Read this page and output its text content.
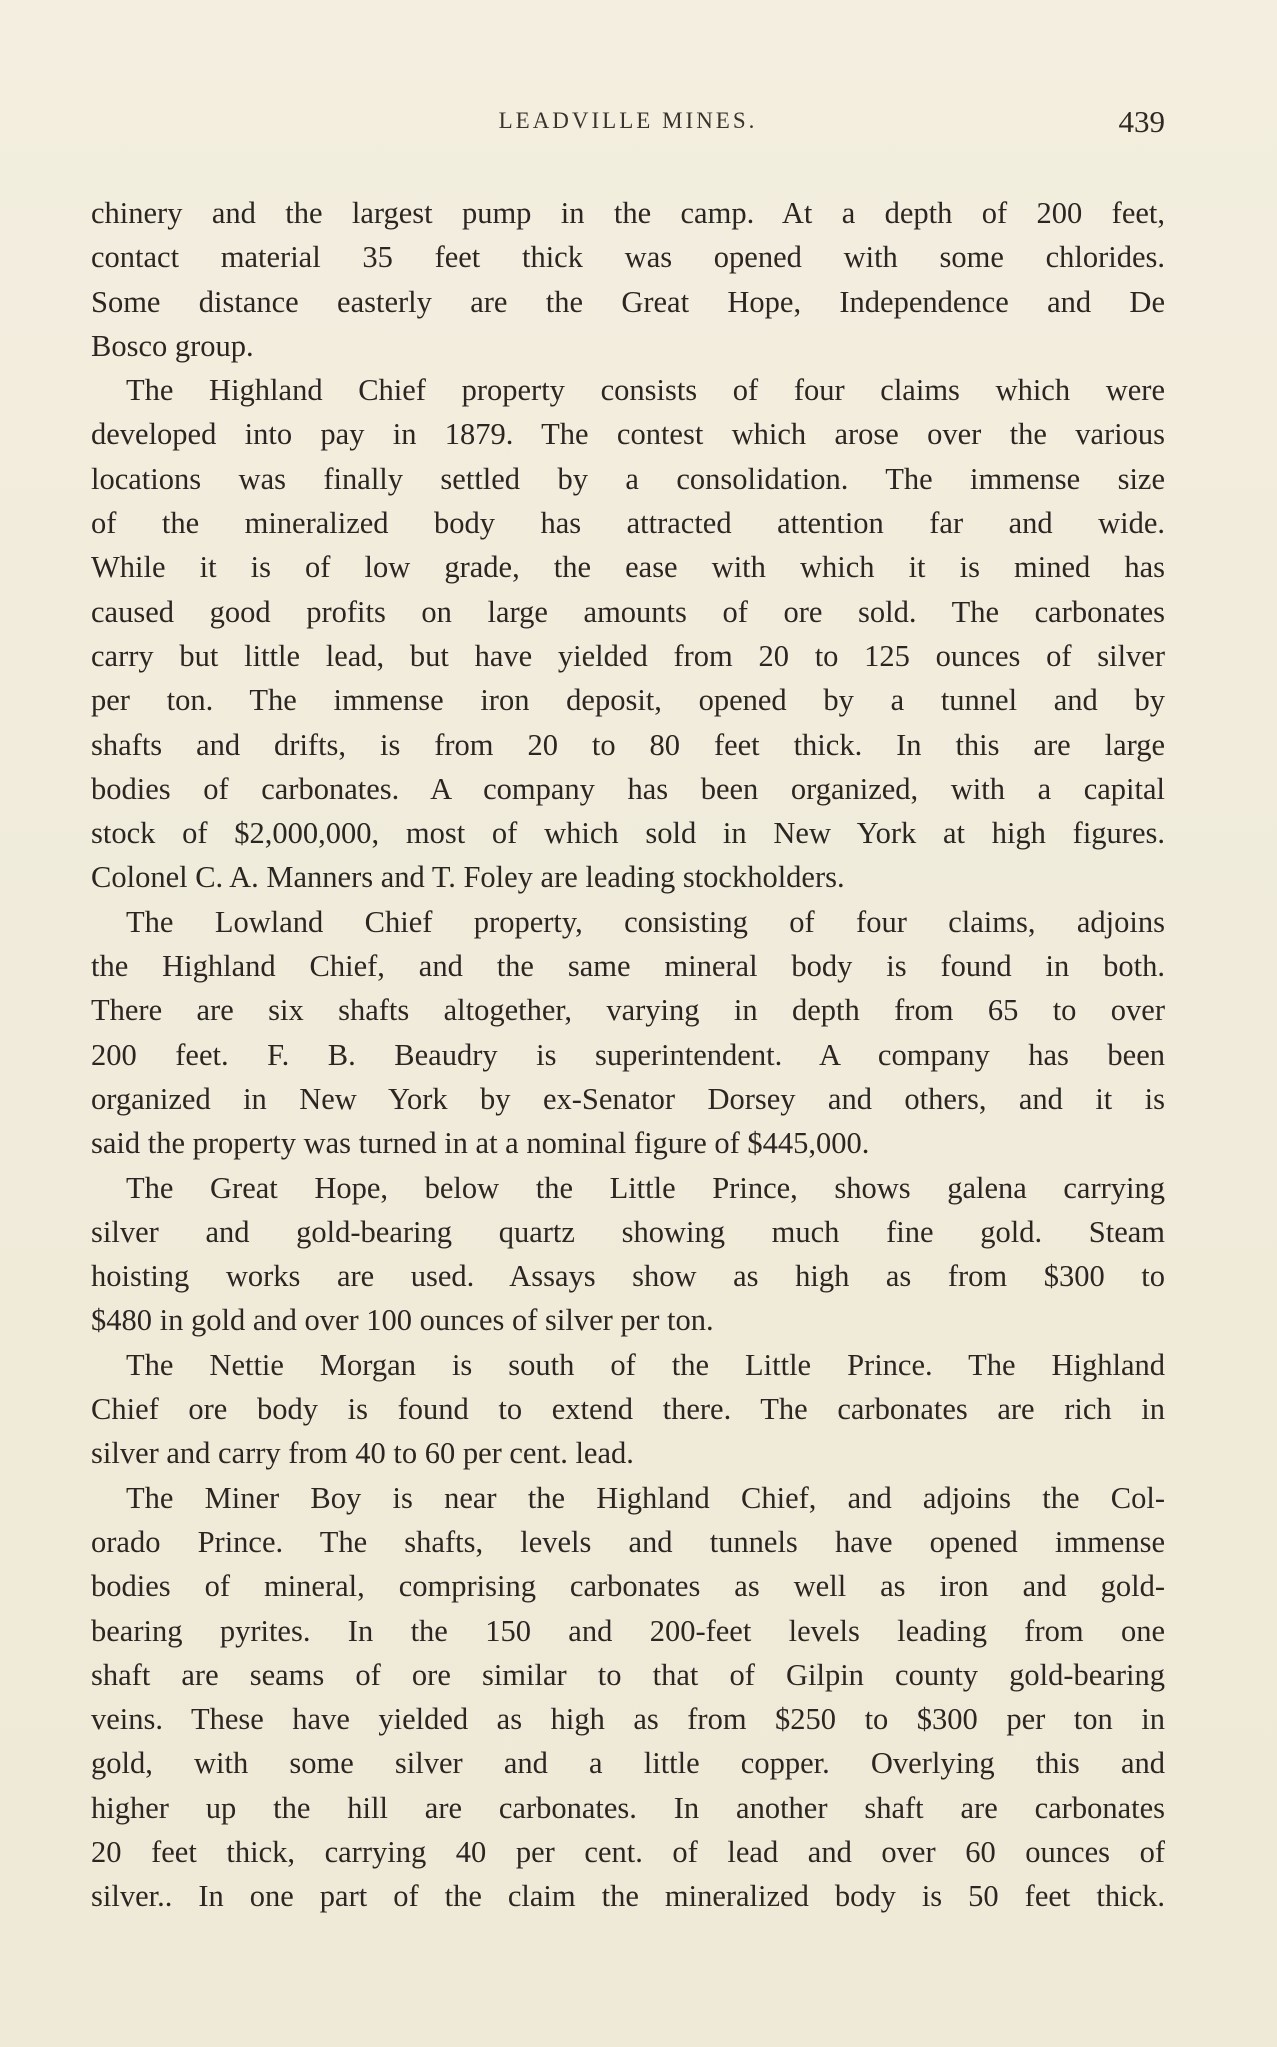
LEADVILLE MINES.	439
chinery and the largest pump in the camp. At a depth of 200 feet,
contact material 35 feet thick was opened with some chlorides.
Some distance easterly are the Great Hope, Independence and De
Bosco group.
The Highland Chief property consists of four claims which were
developed into pay in 1879. The contest which arose over the various
locations was finally settled by a consolidation. The immense size
of the mineralized body has attracted attention far and wide.
While it is of low grade, the ease with which it is mined has
caused good profits on large amounts of ore sold. The carbonates
carry but little lead, but have yielded from 20 to 125 ounces of silver
per ton. The immense iron deposit, opened by a tunnel and by
shafts and drifts, is from 20 to 80 feet thick. In this are large
bodies of carbonates. A company has been organized, with a capital
stock of $2,000,000, most of which sold in New York at high figures.
Colonel C. A. Manners and T. Foley are leading stockholders.
The Lowland Chief property, consisting of four claims, adjoins
the Highland Chief, and the same mineral body is found in both.
There are six shafts altogether, varying in depth from 65 to over
200 feet. F. B. Beaudry is superintendent. A company has been
organized in New York by ex-Senator Dorsey and others, and it is
said the property was turned in at a nominal figure of $445,000.
The Great Hope, below the Little Prince, shows galena carrying
silver and gold-bearing quartz showing much fine gold. Steam
hoisting works are used. Assays show as high as from $300 to
$480 in gold and over 100 ounces of silver per ton.
The Nettie Morgan is south of the Little Prince. The Highland
Chief ore body is found to extend there. The carbonates are rich in
silver and carry from 40 to 60 per cent. lead.
The Miner Boy is near the Highland Chief, and adjoins the Col-
orado Prince. The shafts, levels and tunnels have opened immense
bodies of mineral, comprising carbonates as well as iron and gold-
bearing pyrites. In the 150 and 200-feet levels leading from one
shaft are seams of ore similar to that of Gilpin county gold-bearing
veins. These have yielded as high as from $250 to $300 per ton in
gold, with some silver and a little copper. Overlying this and
higher up the hill are carbonates. In another shaft are carbonates
20 feet thick, carrying 40 per cent. of lead and over 60 ounces of
silver.. In one part of the claim the mineralized body is 50 feet thick.
